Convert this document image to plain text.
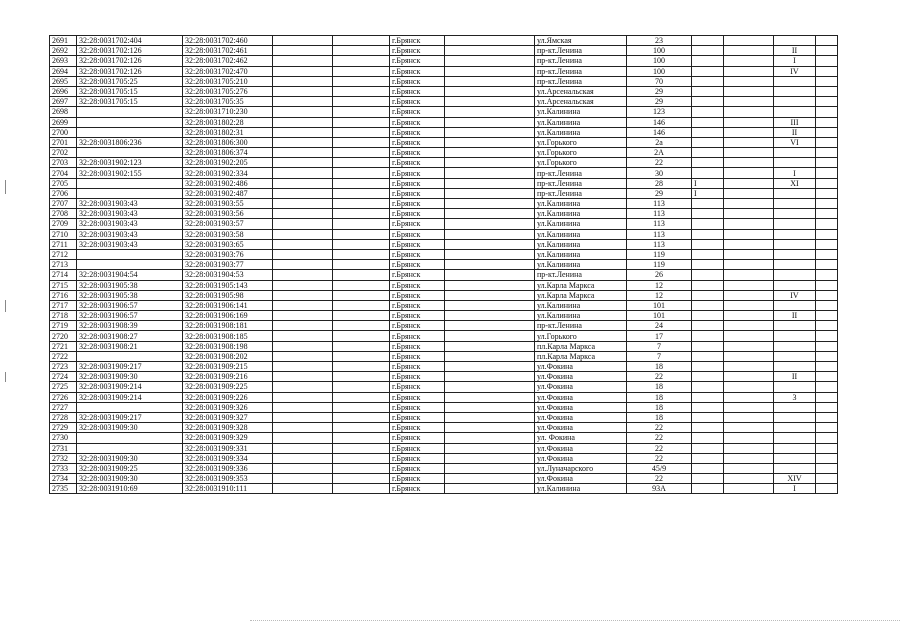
2691	32:28:0031702:404	32:28:0031702:460			г.Брянск		ул.Ямская	23				
2692	32:28:0031702:126	32:28:0031702:461			г.Брянск		пр-кт.Ленина	100			II	
2693	32:28:0031702:126	32:28:0031702:462			г.Брянск		пр-кт.Ленина	100			I	
2694	32:28:0031702:126	32:28:0031702:470			г.Брянск		пр-кт.Ленина	100			IV	
2695	32:28:0031705:25	32:28:0031705:210			г.Брянск		пр-кт.Ленина	70				
2696	32:28:0031705:15	32:28:0031705:276			г.Брянск		ул.Арсенальская	29				
2697	32:28:0031705:15	32:28:0031705:35			г.Брянск		ул.Арсенальская	29				
2698		32:28:0031710:230			г.Брянск		ул.Калинина	123				
2699		32:28:0031802:28			г.Брянск		ул.Калинина	146			III	
2700		32:28:0031802:31			г.Брянск		ул.Калинина	146			II	
2701	32:28:0031806:236	32:28:0031806:300			г.Брянск		ул.Горького	2а			VI	
2702		32:28:0031806:374			г.Брянск		ул.Горького	2А				
2703	32:28:0031902:123	32:28:0031902:205			г.Брянск		ул.Горького	22				
2704	32:28:0031902:155	32:28:0031902:334			г.Брянск		пр-кт.Ленина	30			I	
2705		32:28:0031902:486			г.Брянск		пр-кт.Ленина	28	I		XI	
2706		32:28:0031902:487			г.Брянск		пр-кт.Ленина	29	I			
2707	32:28:0031903:43	32:28:0031903:55			г.Брянск		ул.Калинина	113				
2708	32:28:0031903:43	32:28:0031903:56			г.Брянск		ул.Калинина	113				
2709	32:28:0031903:43	32:28:0031903:57			г.Брянск		ул.Калинина	113				
2710	32:28:0031903:43	32:28:0031903:58			г.Брянск		ул.Калинина	113				
2711	32:28:0031903:43	32:28:0031903:65			г.Брянск		ул.Калинина	113				
2712		32:28:0031903:76			г.Брянск		ул.Калинина	119				
2713		32:28:0031903:77			г.Брянск		ул.Калинина	119				
2714	32:28:0031904:54	32:28:0031904:53			г.Брянск		пр-кт.Ленина	26				
2715	32:28:0031905:38	32:28:0031905:143			г.Брянск		ул.Карла Маркса	12				
2716	32:28:0031905:38	32:28:0031905:98			г.Брянск		ул.Карла Маркса	12			IV	
2717	32:28:0031906:57	32:28:0031906:141			г.Брянск		ул.Калинина	101				
2718	32:28:0031906:57	32:28:0031906:169			г.Брянск		ул.Калинина	101			II	
2719	32:28:0031908:39	32:28:0031908:181			г.Брянск		пр-кт.Ленина	24				
2720	32:28:0031908:27	32:28:0031908:185			г.Брянск		ул.Горького	17				
2721	32:28:0031908:21	32:28:0031908:198			г.Брянск		пл.Карла Маркса	7				
2722		32:28:0031908:202			г.Брянск		пл.Карла Маркса	7				
2723	32:28:0031909:217	32:28:0031909:215			г.Брянск		ул.Фокина	18				
2724	32:28:0031909:30	32:28:0031909:216			г.Брянск		ул.Фокина	22			II	
2725	32:28:0031909:214	32:28:0031909:225			г.Брянск		ул.Фокина	18				
2726	32:28:0031909:214	32:28:0031909:226			г.Брянск		ул.Фокина	18			3	
2727		32:28:0031909:326			г.Брянск		ул.Фокина	18				
2728	32:28:0031909:217	32:28:0031909:327			г.Брянск		ул.Фокина	18				
2729	32:28:0031909:30	32:28:0031909:328			г.Брянск		ул.Фокина	22				
2730		32:28:0031909:329			г.Брянск		ул. Фокина	22				
2731		32:28:0031909:331			г.Брянск		ул.Фокина	22				
2732	32:28:0031909:30	32:28:0031909:334			г.Брянск		ул.Фокина	22				
2733	32:28:0031909:25	32:28:0031909:336			г.Брянск		ул.Луначарского	45/9				
2734	32:28:0031909:30	32:28:0031909:353			г.Брянск		ул.Фокина	22			XIV	
2735	32:28:0031910:69	32:28:0031910:111			г.Брянск		ул.Калинина	93А			I	
